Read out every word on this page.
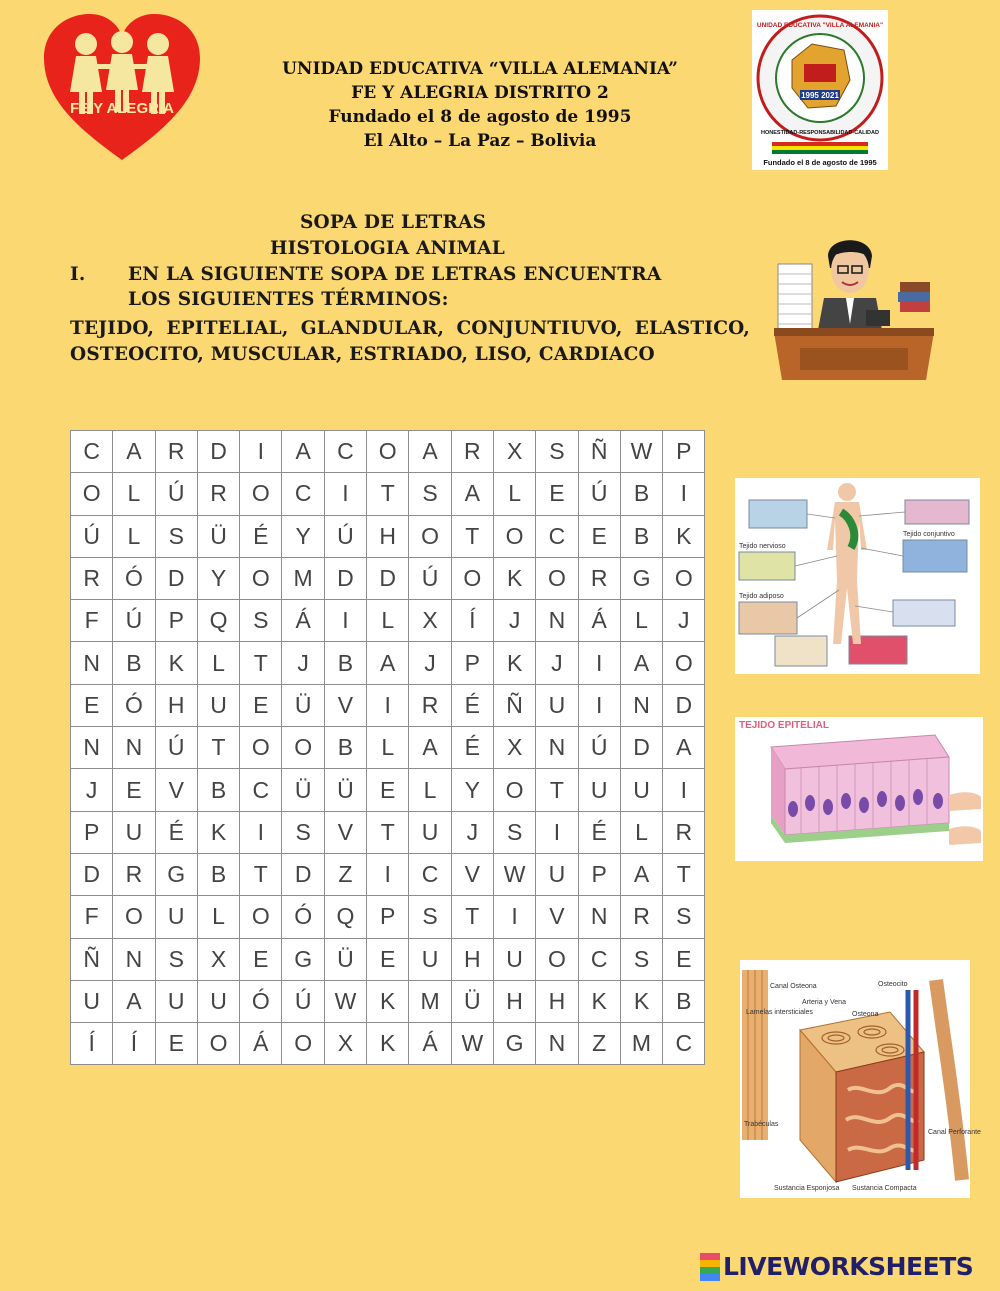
FE Y ALEGRIA
UNIDAD EDUCATIVA “VILLA ALEMANIA”
FE Y ALEGRIA DISTRITO 2
Fundado el 8 de agosto de 1995
El Alto – La Paz – Bolivia
1995 2021
UNIDAD EDUCATIVA "VILLA ALEMANIA"
HONESTIDAD-RESPONSABILIDAD-CALIDAD
Fundado el 8 de agosto de 1995
SOPA DE LETRAS
HISTOLOGIA ANIMAL
I. EN LA SIGUIENTE SOPA DE LETRAS ENCUENTRA
LOS SIGUIENTES TÉRMINOS:
TEJIDO, EPITELIAL, GLANDULAR, CONJUNTIUVO, ELASTICO, OSTEOCITO, MUSCULAR, ESTRIADO, LISO, CARDIACO
C	A	R	D	I	A	C	O	A	R	X	S	Ñ	W	P
O	L	Ú	R	O	C	I	T	S	A	L	E	Ú	B	I
Ú	L	S	Ü	É	Y	Ú	H	O	T	O	C	E	B	K
R	Ó	D	Y	O	M	D	D	Ú	O	K	O	R	G	O
F	Ú	P	Q	S	Á	I	L	X	Í	J	N	Á	L	J
N	B	K	L	T	J	B	A	J	P	K	J	I	A	O
E	Ó	H	U	E	Ü	V	I	R	É	Ñ	U	I	N	D
N	N	Ú	T	O	O	B	L	A	É	X	N	Ú	D	A
J	E	V	B	C	Ü	Ü	E	L	Y	O	T	U	U	I
P	U	É	K	I	S	V	T	U	J	S	I	É	L	R
D	R	G	B	T	D	Z	I	C	V	W	U	P	A	T
F	O	U	L	O	Ó	Q	P	S	T	I	V	N	R	S
Ñ	N	S	X	E	G	Ü	E	U	H	U	O	C	S	E
U	A	U	U	Ó	Ú	W	K	M	Ü	H	H	K	K	B
Í	Í	E	O	Á	O	X	K	Á	W	G	N	Z	M	C
Tejido nervioso
Tejido conjuntivo
Tejido adiposo
TEJIDO EPITELIAL
Canal Osteona	Osteocito
Arteria y Vena
Lamelas intersticiales	Osteona
Trabéculas
Canal Perforante
Sustancia Esponjosa Sustancia Compacta
LIVEWORKSHEETS
